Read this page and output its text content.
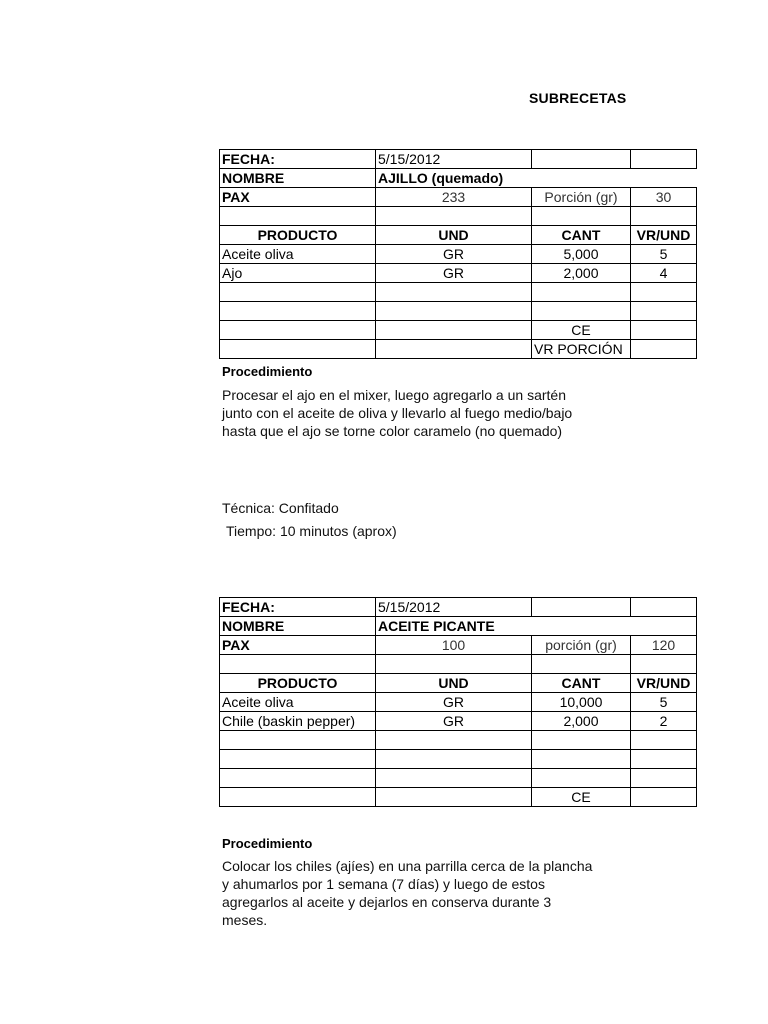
SUBRECETAS
FECHA:	5/15/2012		
NOMBRE	AJILLO (quemado)		
PAX	233	Porción (gr)	30

PRODUCTO	UND	CANT	VR/UND
Aceite oliva	GR	5,000	5
Ajo	GR	2,000	4

		CE	
		VR PORCIÓN	
Procedimiento
Procesar el ajo en el mixer, luego agregarlo a un sartén
junto con el aceite de oliva y llevarlo al fuego medio/bajo
hasta que el ajo se torne color caramelo (no quemado)
Técnica: Confitado
Tiempo: 10 minutos (aprox)
FECHA:	5/15/2012		
NOMBRE	ACEITE PICANTE		
PAX	100	porción (gr)	120

PRODUCTO	UND	CANT	VR/UND
Aceite oliva	GR	10,000	5
Chile (baskin pepper)	GR	2,000	2

		CE	
Procedimiento
Colocar los chiles (ajíes) en una parrilla cerca de la plancha
y ahumarlos por 1 semana (7 días) y luego de estos
agregarlos al aceite y dejarlos en conserva durante 3
meses.
